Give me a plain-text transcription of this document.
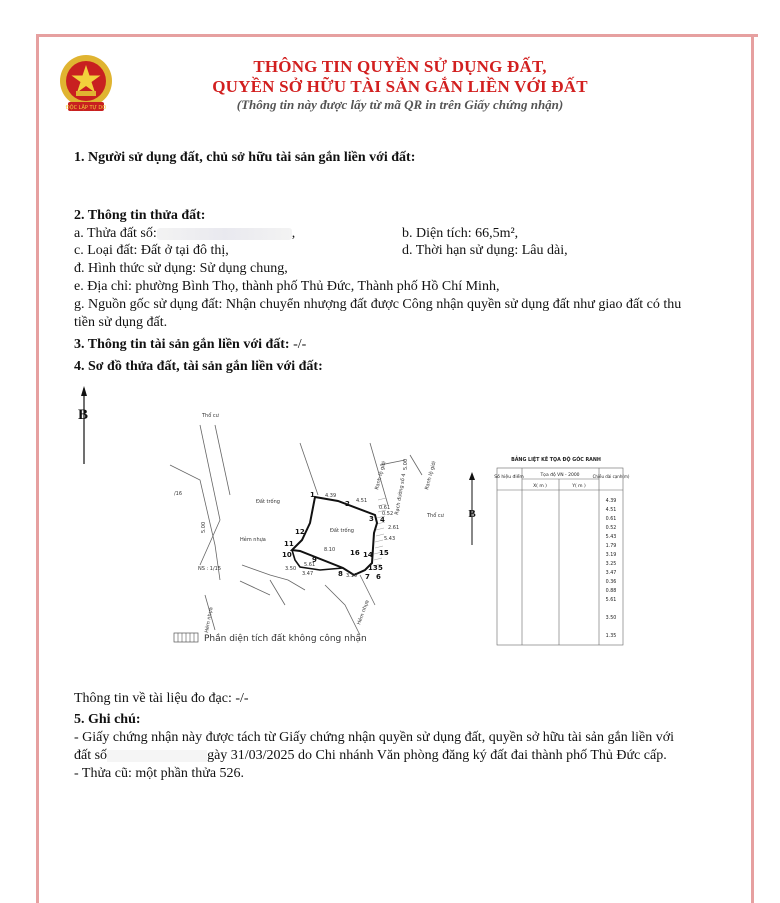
ĐỘC LẬP TỰ DO
THÔNG TIN QUYỀN SỬ DỤNG ĐẤT,
QUYỀN SỞ HỮU TÀI SẢN GẮN LIỀN VỚI ĐẤT
(Thông tin này được lấy từ mã QR in trên Giấy chứng nhận)
1. Người sử dụng đất, chủ sở hữu tài sản gắn liền với đất:
2. Thông tin thửa đất:
a. Thửa đất số:	,	b. Diện tích: 66,5m²,
c. Loại đất: Đất ở tại đô thị,	d. Thời hạn sử dụng: Lâu dài,
đ. Hình thức sử dụng: Sử dụng chung,
e. Địa chỉ: phường Bình Thọ, thành phố Thủ Đức, Thành phố Hồ Chí Minh,
g. Nguồn gốc sử dụng đất: Nhận chuyển nhượng đất được Công nhận quyền sử dụng đất như giao đất có thu
tiền sử dụng đất.
3. Thông tin tài sản gắn liền với đất: -/-
4. Sơ đồ thửa đất, tài sản gắn liền với đất:
B
1
2
3 4
5
6
7
8
9
10
11
12
13
14 15
16
4.39
4.51
0.61
0.52
5.43
3.47	3.19
5.61
8.10
2.61
3.50
Thổ cư
Thổ cư
Đất trống
Đất trống
Hẻm nhựa
NS : 1/15
/16
5.00
5.00
Ranh lộ giới	Ranh lộ giới
Rạch đường số 4
Hẻm nhựa	Hẻm nhựa
Phần diện tích đất không công nhận
B
BẢNG LIỆT KÊ TỌA ĐỘ GÓC RANH
Số hiệu điểm	Tọa độ VN - 2000
X( m )	Y( m )
Chiều dài cạnh(m)
4.39
4.51
0.61
0.52
5.43
1.79
3.19
3.25
3.47
0.36
0.88
5.61
3.50
1.35
Thông tin về tài liệu đo đạc: -/-
5. Ghi chú:
- Giấy chứng nhận này được tách từ Giấy chứng nhận quyền sử dụng đất, quyền sở hữu tài sản gắn liền với
đất số	gày 31/03/2025 do Chi nhánh Văn phòng đăng ký đất đai thành phố Thủ Đức cấp.
- Thửa cũ: một phần thửa 526.
